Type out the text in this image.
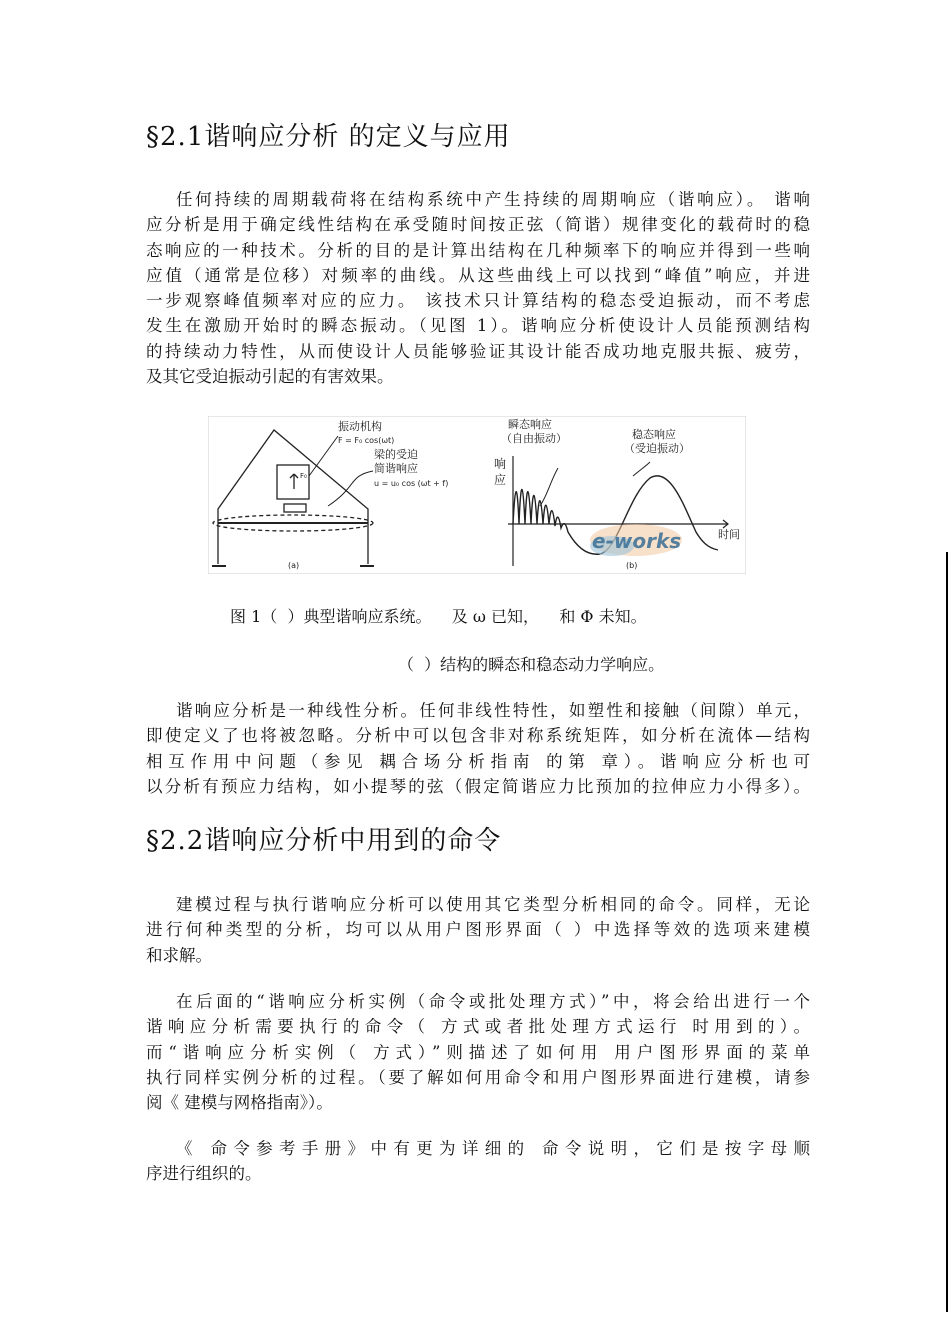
§2.1谐响应分析 的定义与应用
任何持续的周期载荷将在结构系统中产生持续的周期响应（谐响应）。 谐响
应分析是用于确定线性结构在承受随时间按正弦（简谐）规律变化的载荷时的稳
态响应的一种技术。分析的目的是计算出结构在几种频率下的响应并得到一些响
应值（通常是位移）对频率的曲线。从这些曲线上可以找到“峰值”响应，并进
一步观察峰值频率对应的应力。 该技术只计算结构的稳态受迫振动，而不考虑
发生在激励开始时的瞬态振动。（见图 1）。谐响应分析使设计人员能预测结构
的持续动力特性，从而使设计人员能够验证其设计能否成功地克服共振、疲劳，
及其它受迫振动引起的有害效果。
F₀
振动机构
F = F₀ cos(ωt)
梁的受迫
简谐响应
u = u₀ cos (ωt + f)
(a)
瞬态响应
（自由振动）	稳态响应
（受迫振动）
响
应
时间
(b)
e-works

图 1（  ）典型谐响应系统。    及 ω 已知，    和 Φ 未知。

（  ）结构的瞬态和稳态动力学响应。

谐响应分析是一种线性分析。任何非线性特性，如塑性和接触（间隙）单元，
即使定义了也将被忽略。分析中可以包含非对称系统矩阵，如分析在流体—结构
相互作用中问题（参见 耦合场分析指南 的第 章）。谐响应分析也可
以分析有预应力结构，如小提琴的弦（假定简谐应力比预加的拉伸应力小得多）。
§2.2谐响应分析中用到的命令
建模过程与执行谐响应分析可以使用其它类型分析相同的命令。同样，无论
进行何种类型的分析，均可以从用户图形界面（ ）中选择等效的选项来建模
和求解。
在后面的“谐响应分析实例（命令或批处理方式）”中，将会给出进行一个
谐响应分析需要执行的命令（ 方式或者批处理方式运行 时用到的）。
而“谐响应分析实例（ 方式）”则描述了如何用 用户图形界面的菜单
执行同样实例分析的过程。（要了解如何用命令和用户图形界面进行建模，请参
阅《 建模与网格指南》）。
《 命令参考手册》中有更为详细的 命令说明，它们是按字母顺
序进行组织的。
